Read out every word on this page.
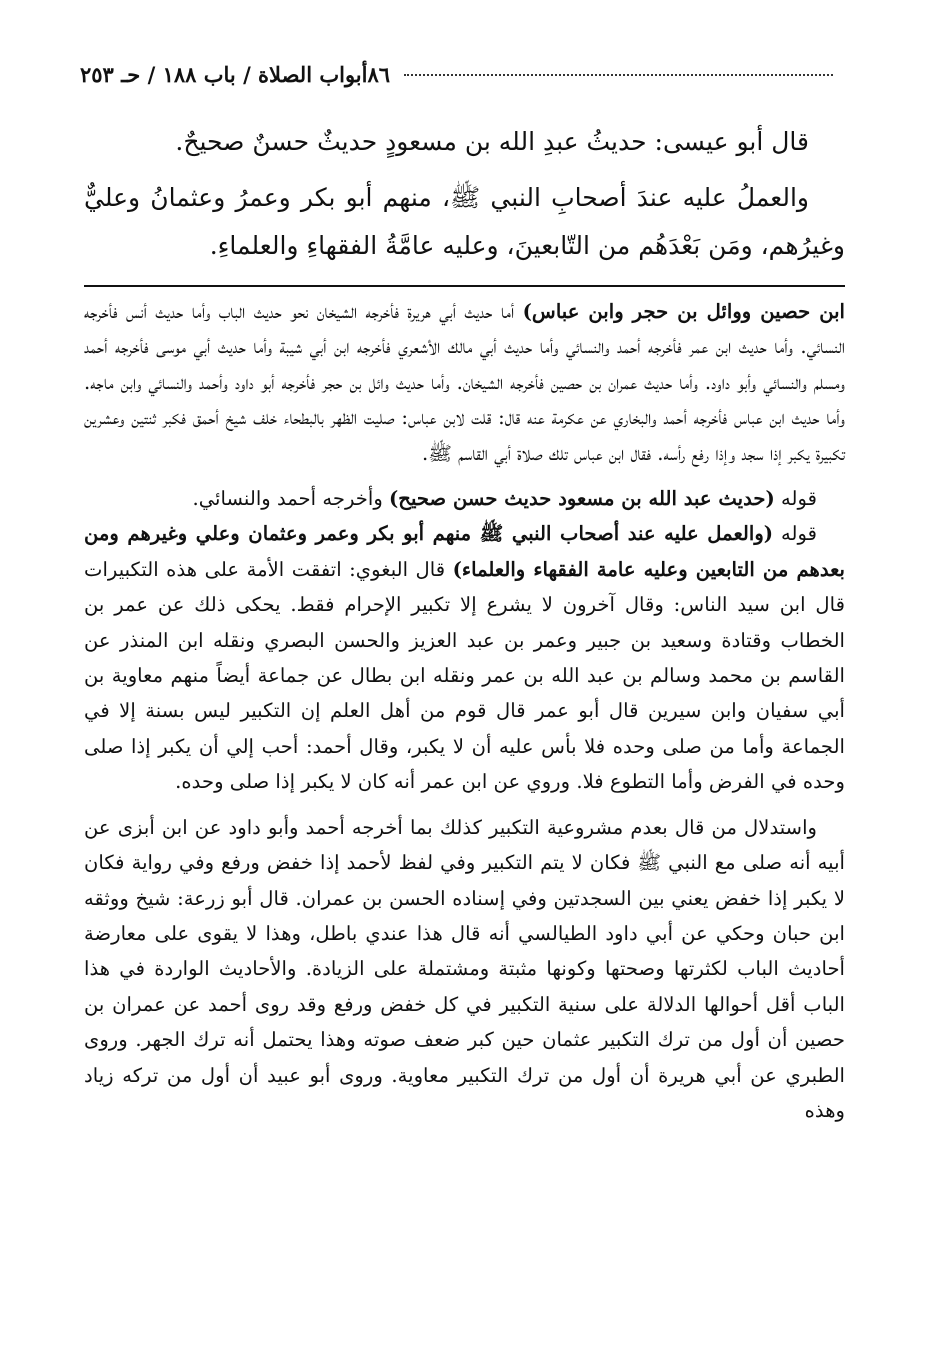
أبواب الصلاة / باب ١٨٨ / حـ ٢٥٣ ٨٦

قال أبو عيسى: حديثُ عبدِ الله بن مسعودٍ حديثٌ حسنٌ صحيحٌ.

والعملُ عليه عندَ أصحابِ النبي ﷺ، منهم أبو بكر وعمرُ وعثمانُ وعليٌّ وغيرُهم، ومَن بَعْدَهُم من التّابعينَ، وعليه عامَّةُ الفقهاءِ والعلماءِ.

ابن حصين ووائل بن حجر وابن عباس) أما حديث أبي هريرة فأخرجه الشيخان نحو حديث الباب وأما حديث أنس فأخرجه النسائي. وأما حديث ابن عمر فأخرجه أحمد والنسائي وأما حديث أبي مالك الأشعري فأخرجه ابن أبي شيبة وأما حديث أبي موسى فأخرجه أحمد ومسلم والنسائي وأبو داود. وأما حديث عمران بن حصين فأخرجه الشيخان. وأما حديث وائل بن حجر فأخرجه أبو داود وأحمد والنسائي وابن ماجه. وأما حديث ابن عباس فأخرجه أحمد والبخاري عن عكرمة عنه قال: قلت لابن عباس: صليت الظهر بالبطحاء خلف شيخ أحمق فكبر ثنتين وعشرين تكبيرة يكبر إذا سجد وإذا رفع رأسه. فقال ابن عباس تلك صلاة أبي القاسم ﷺ.

قوله (حديث عبد الله بن مسعود حديث حسن صحيح) وأخرجه أحمد والنسائي.

قوله (والعمل عليه عند أصحاب النبي ﷺ منهم أبو بكر وعمر وعثمان وعلي وغيرهم ومن بعدهم من التابعين وعليه عامة الفقهاء والعلماء) قال البغوي: اتفقت الأمة على هذه التكبيرات قال ابن سيد الناس: وقال آخرون لا يشرع إلا تكبير الإحرام فقط. يحكى ذلك عن عمر بن الخطاب وقتادة وسعيد بن جبير وعمر بن عبد العزيز والحسن البصري ونقله ابن المنذر عن القاسم بن محمد وسالم بن عبد الله بن عمر ونقله ابن بطال عن جماعة أيضاً منهم معاوية بن أبي سفيان وابن سيرين قال أبو عمر قال قوم من أهل العلم إن التكبير ليس بسنة إلا في الجماعة وأما من صلى وحده فلا بأس عليه أن لا يكبر، وقال أحمد: أحب إلي أن يكبر إذا صلى وحده في الفرض وأما التطوع فلا. وروي عن ابن عمر أنه كان لا يكبر إذا صلى وحده.

واستدلال من قال بعدم مشروعية التكبير كذلك بما أخرجه أحمد وأبو داود عن ابن أبزى عن أبيه أنه صلى مع النبي ﷺ فكان لا يتم التكبير وفي لفظ لأحمد إذا خفض ورفع وفي رواية فكان لا يكبر إذا خفض يعني بين السجدتين وفي إسناده الحسن بن عمران. قال أبو زرعة: شيخ ووثقه ابن حبان وحكي عن أبي داود الطيالسي أنه قال هذا عندي باطل، وهذا لا يقوى على معارضة أحاديث الباب لكثرتها وصحتها وكونها مثبتة ومشتملة على الزيادة. والأحاديث الواردة في هذا الباب أقل أحوالها الدلالة على سنية التكبير في كل خفض ورفع وقد روى أحمد عن عمران بن حصين أن أول من ترك التكبير عثمان حين كبر ضعف صوته وهذا يحتمل أنه ترك الجهر. وروى الطبري عن أبي هريرة أن أول من ترك التكبير معاوية. وروى أبو عبيد أن أول من تركه زياد وهذه
